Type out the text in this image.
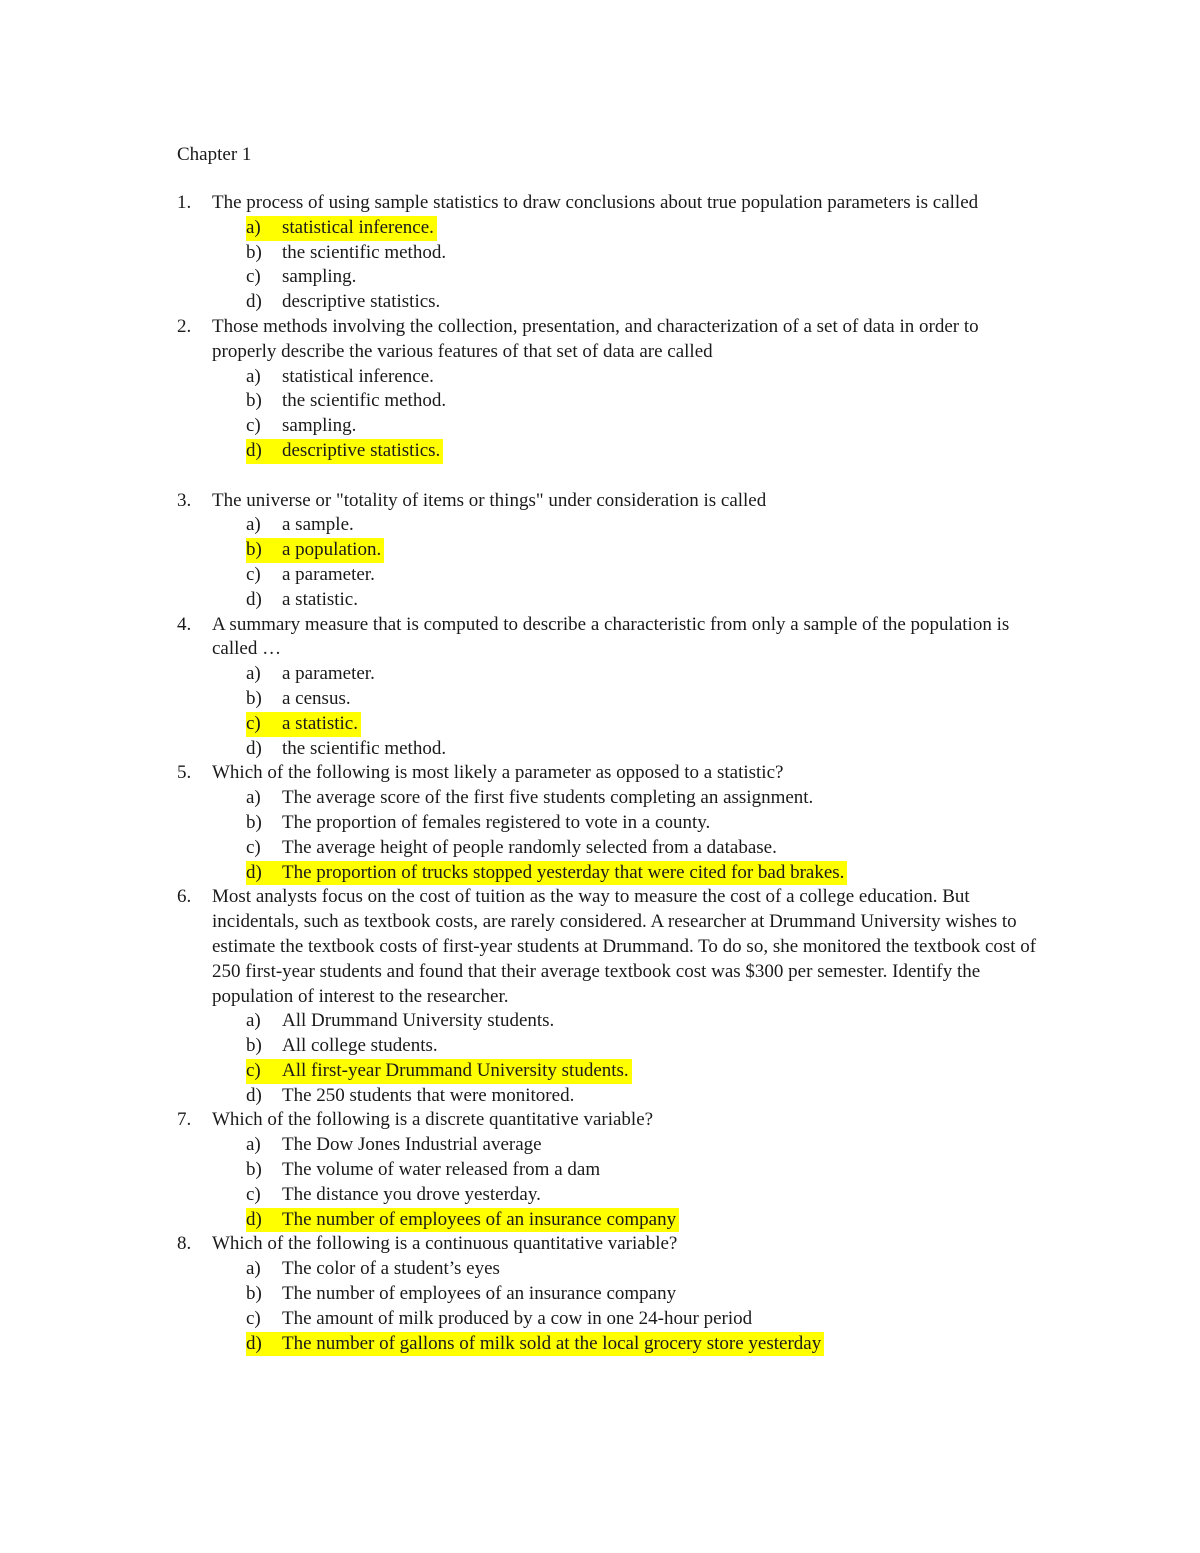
Chapter 1
1. The process of using sample statistics to draw conclusions about true population parameters is called
a) statistical inference.
b) the scientific method.
c) sampling.
d) descriptive statistics.
2. Those methods involving the collection, presentation, and characterization of a set of data in order to properly describe the various features of that set of data are called
a) statistical inference.
b) the scientific method.
c) sampling.
d) descriptive statistics.
3. The universe or "totality of items or things" under consideration is called
a) a sample.
b) a population.
c) a parameter.
d) a statistic.
4. A summary measure that is computed to describe a characteristic from only a sample of the population is called …
a) a parameter.
b) a census.
c) a statistic.
d) the scientific method.
5. Which of the following is most likely a parameter as opposed to a statistic?
a) The average score of the first five students completing an assignment.
b) The proportion of females registered to vote in a county.
c) The average height of people randomly selected from a database.
d) The proportion of trucks stopped yesterday that were cited for bad brakes.
6. Most analysts focus on the cost of tuition as the way to measure the cost of a college education. But incidentals, such as textbook costs, are rarely considered. A researcher at Drummand University wishes to estimate the textbook costs of first-year students at Drummand. To do so, she monitored the textbook cost of 250 first-year students and found that their average textbook cost was $300 per semester. Identify the population of interest to the researcher.
a) All Drummand University students.
b) All college students.
c) All first-year Drummand University students.
d) The 250 students that were monitored.
7. Which of the following is a discrete quantitative variable?
a) The Dow Jones Industrial average
b) The volume of water released from a dam
c) The distance you drove yesterday.
d) The number of employees of an insurance company
8. Which of the following is a continuous quantitative variable?
a) The color of a student’s eyes
b) The number of employees of an insurance company
c) The amount of milk produced by a cow in one 24-hour period
d) The number of gallons of milk sold at the local grocery store yesterday
